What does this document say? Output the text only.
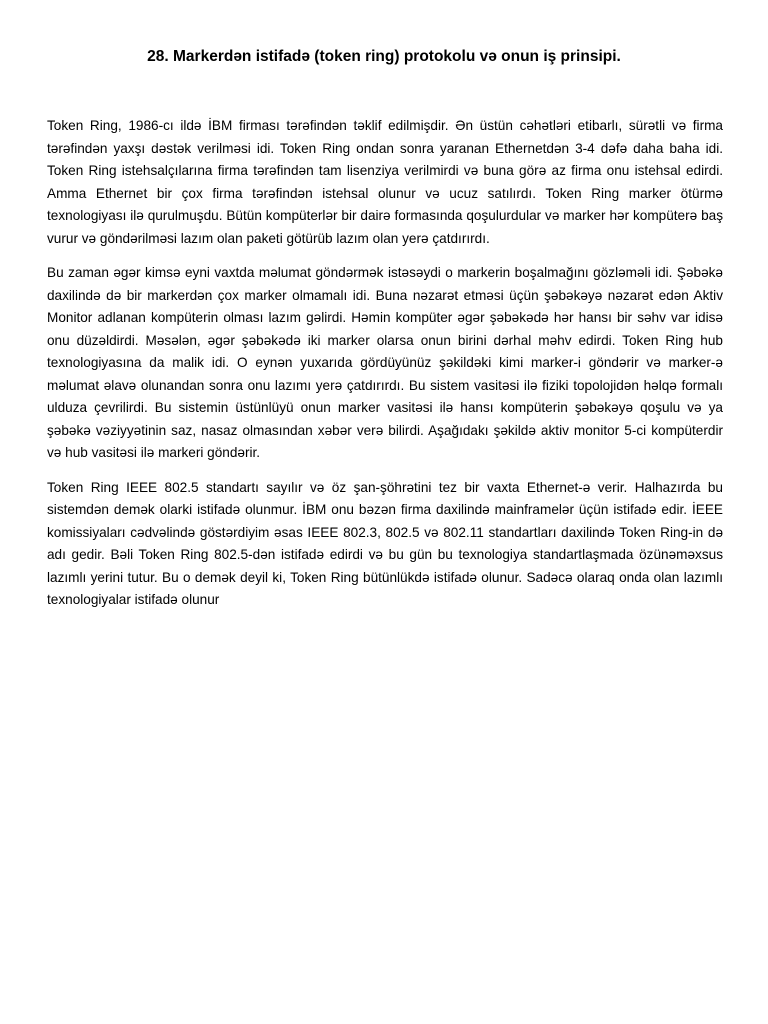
28. Markerdən istifadə (token ring) protokolu və onun iş prinsipi.

Token Ring, 1986-cı ildə İBM firması tərəfindən təklif edilmişdir. Ən üstün cəhətləri etibarlı, sürətli və firma tərəfindən yaxşı dəstək verilməsi idi. Token Ring ondan sonra yaranan Ethernetdən 3-4 dəfə daha baha idi. Token Ring istehsalçılarına firma tərəfindən tam lisenziya verilmirdi və buna görə az firma onu istehsal edirdi. Amma Ethernet bir çox firma tərəfindən istehsal olunur və ucuz satılırdı. Token Ring marker ötürmə texnologiyası ilə qurulmuşdu. Bütün kompüterlər bir dairə formasında qoşulurdular və marker hər kompüterə baş vurur və göndərilməsi lazım olan paketi götürüb lazım olan yerə çatdırırdı.

Bu zaman əgər kimsə eyni vaxtda məlumat göndərmək istəsəydi o markerin boşalmağını gözləməli idi. Şəbəkə daxilində də bir markerdən çox marker olmamalı idi. Buna nəzarət etməsi üçün şəbəkəyə nəzarət edən Aktiv Monitor adlanan kompüterin olması lazım gəlirdi. Həmin kompüter əgər şəbəkədə hər hansı bir səhv var idisə onu düzəldirdi. Məsələn, əgər şəbəkədə iki marker olarsa onun birini dərhal məhv edirdi. Token Ring hub texnologiyasına da malik idi. O eynən yuxarıda gördüyünüz şəkildəki kimi marker-i göndərir və marker-ə məlumat əlavə olunandan sonra onu lazımı yerə çatdırırdı. Bu sistem vasitəsi ilə fiziki topolojidən həlqə formalı ulduza çevrilirdi. Bu sistemin üstünlüyü onun marker vasitəsi ilə hansı kompüterin şəbəkəyə qoşulu və ya şəbəkə vəziyyətinin saz, nasaz olmasından xəbər verə bilirdi. Aşağıdakı şəkildə aktiv monitor 5-ci kompüterdir və hub vasitəsi ilə markeri göndərir.

Token Ring IEEE 802.5 standartı sayılır və öz şan-şöhrətini tez bir vaxta Ethernet-ə verir. Halhazırda bu sistemdən demək olarki istifadə olunmur. İBM onu bəzən firma daxilində mainframelər üçün istifadə edir. İEEE komissiyaları cədvəlində göstərdiyim əsas IEEE 802.3, 802.5 və 802.11 standartları daxilində Token Ring-in də adı gedir. Bəli Token Ring 802.5-dən istifadə edirdi və bu gün bu texnologiya standartlaşmada özünəməxsus lazımlı yerini tutur. Bu o demək deyil ki, Token Ring bütünlükdə istifadə olunur. Sadəcə olaraq onda olan lazımlı texnologiyalar istifadə olunur
